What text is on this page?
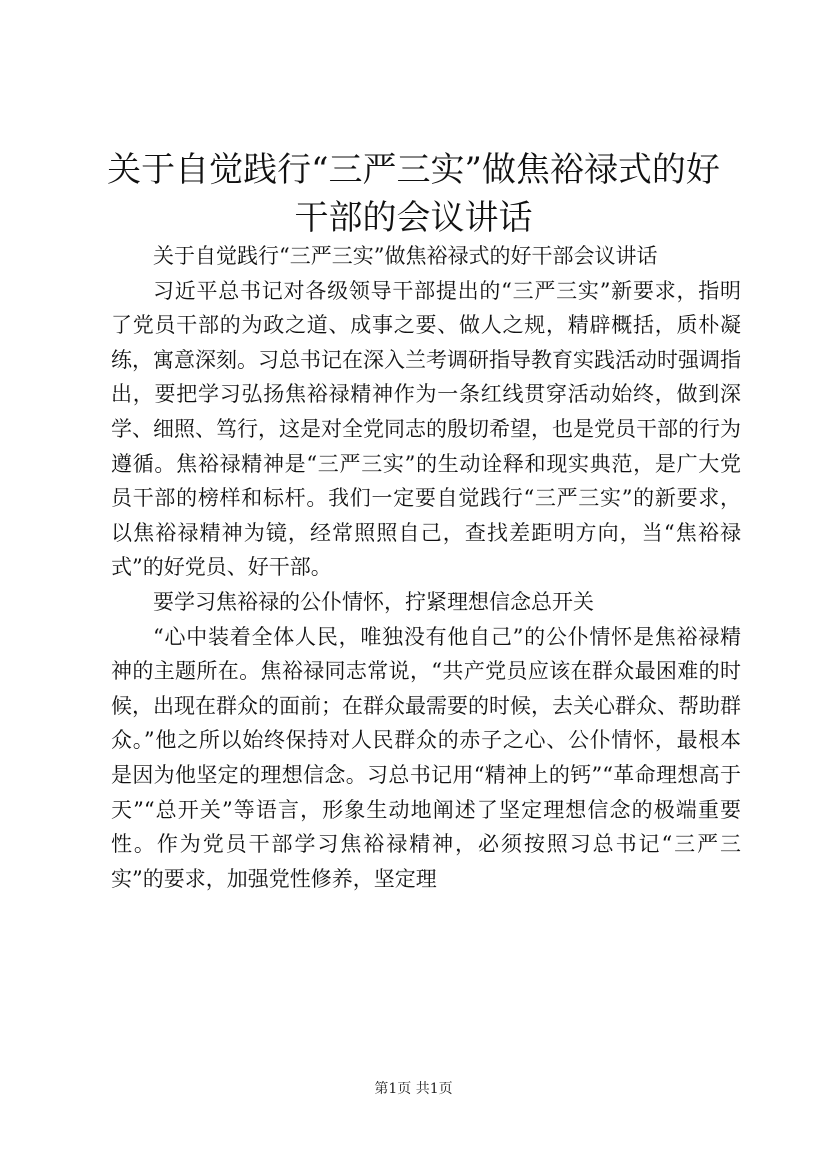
关于自觉践行“三严三实”做焦裕禄式的好干部的会议讲话

关于自觉践行“三严三实”做焦裕禄式的好干部会议讲话

习近平总书记对各级领导干部提出的“三严三实”新要求，指明了党员干部的为政之道、成事之要、做人之规，精辟概括，质朴凝练，寓意深刻。习总书记在深入兰考调研指导教育实践活动时强调指出，要把学习弘扬焦裕禄精神作为一条红线贯穿活动始终，做到深学、细照、笃行，这是对全党同志的殷切希望，也是党员干部的行为遵循。焦裕禄精神是“三严三实”的生动诠释和现实典范，是广大党员干部的榜样和标杆。我们一定要自觉践行“三严三实”的新要求，以焦裕禄精神为镜，经常照照自己，查找差距明方向，当“焦裕禄式”的好党员、好干部。

要学习焦裕禄的公仆情怀，拧紧理想信念总开关

“心中装着全体人民，唯独没有他自己”的公仆情怀是焦裕禄精神的主题所在。焦裕禄同志常说，“共产党员应该在群众最困难的时候，出现在群众的面前；在群众最需要的时候，去关心群众、帮助群众。”他之所以始终保持对人民群众的赤子之心、公仆情怀，最根本是因为他坚定的理想信念。习总书记用“精神上的钙”“革命理想高于天”“总开关”等语言，形象生动地阐述了坚定理想信念的极端重要性。作为党员干部学习焦裕禄精神，必须按照习总书记“三严三实”的要求，加强党性修养，坚定理

第1页 共1页
